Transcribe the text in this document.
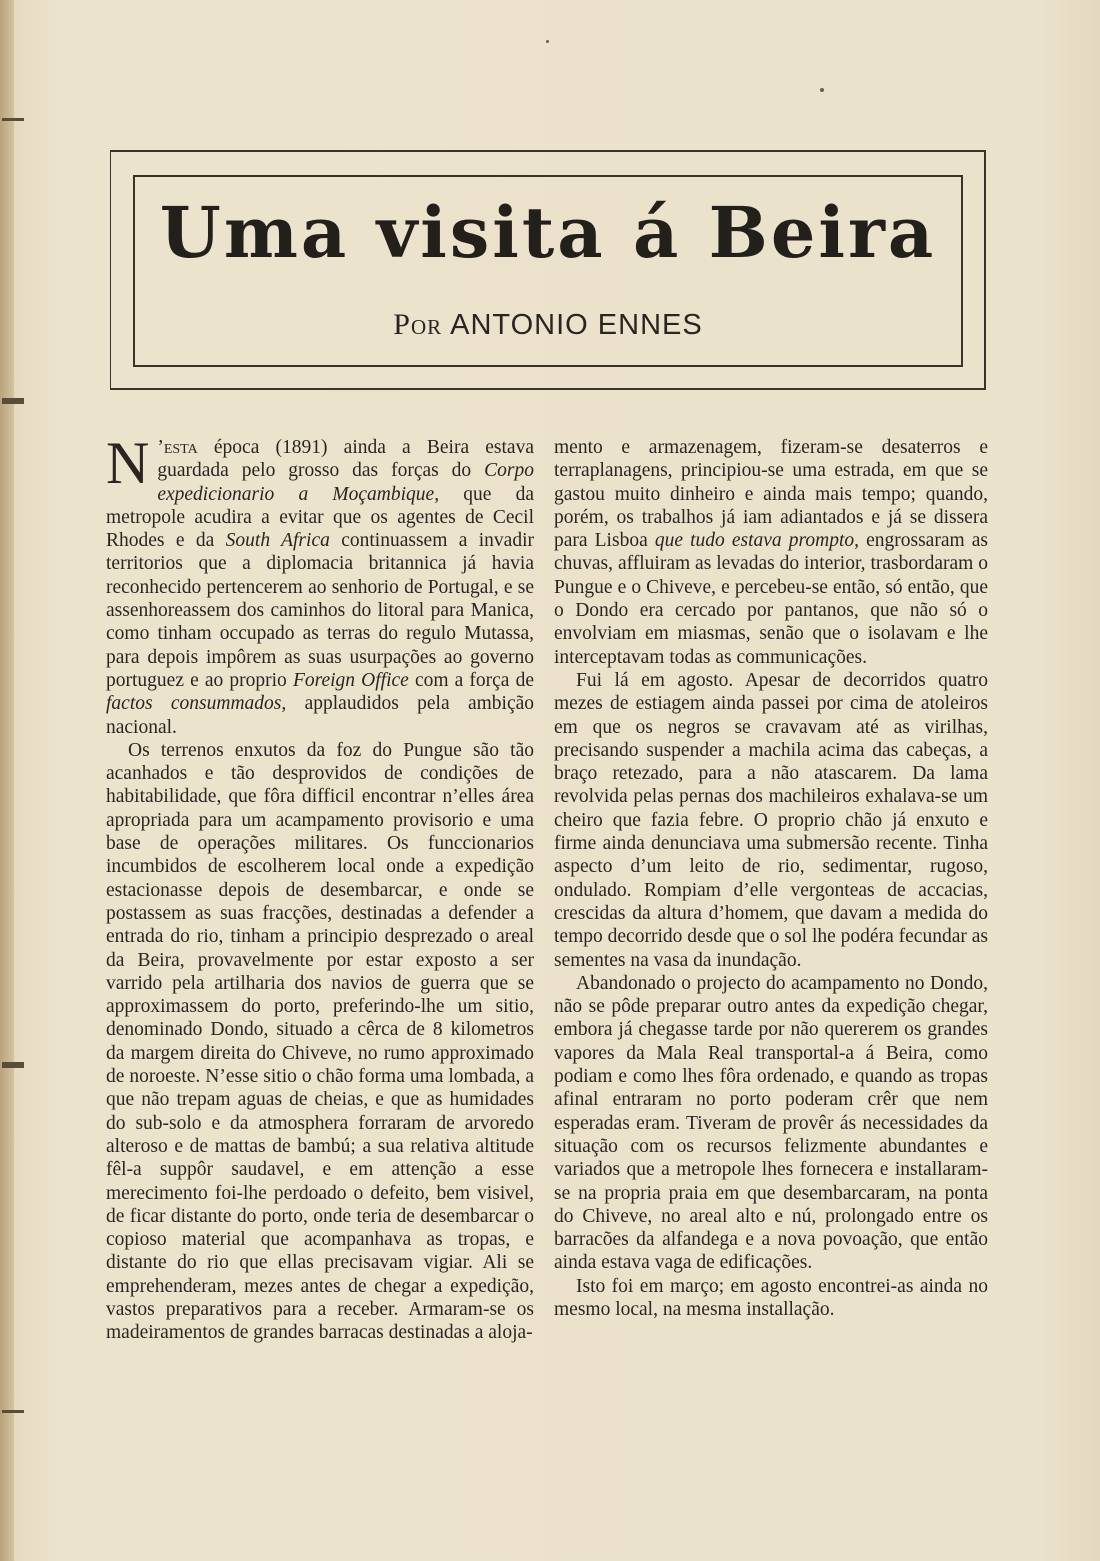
Uma visita á Beira
Por ANTONIO ENNES

N ’esta época (1891) ainda a Beira estava guardada pelo grosso das forças do Corpo expedicionario a Moçambique, que da metropole acudira a evitar que os agentes de Cecil Rhodes e da South Africa continuassem a invadir territorios que a diplomacia britannica já havia reconhecido pertencerem ao senhorio de Portugal, e se assenhoreassem dos caminhos do litoral para Manica, como tinham occupado as terras do regulo Mutassa, para depois impôrem as suas usurpações ao governo portuguez e ao proprio Foreign Office com a força de factos consummados, applaudidos pela ambição nacional.

Os terrenos enxutos da foz do Pungue são tão acanhados e tão desprovidos de condições de habitabilidade, que fôra difficil encontrar n’elles área apropriada para um acampamento provisorio e uma base de operações militares. Os funccionarios incumbidos de escolherem local onde a expedição estacionasse depois de desembarcar, e onde se postassem as suas fracções, destinadas a defender a entrada do rio, tinham a principio desprezado o areal da Beira, provavelmente por estar exposto a ser varrido pela artilharia dos navios de guerra que se approximassem do porto, preferindo-lhe um sitio, denominado Dondo, situado a cêrca de 8 kilometros da margem direita do Chiveve, no rumo approximado de noroeste. N’esse sitio o chão forma uma lombada, a que não trepam aguas de cheias, e que as humidades do sub-solo e da atmosphera forraram de arvoredo alteroso e de mattas de bambú; a sua relativa altitude fêl-a suppôr saudavel, e em attenção a esse merecimento foi-lhe perdoado o defeito, bem visivel, de ficar distante do porto, onde teria de desembarcar o copioso material que acompanhava as tropas, e distante do rio que ellas precisavam vigiar. Ali se emprehenderam, mezes antes de chegar a expedição, vastos preparativos para a receber. Armaram-se os madeiramentos de grandes barracas destinadas a aloja-

mento e armazenagem, fizeram-se desaterros e terraplanagens, principiou-se uma estrada, em que se gastou muito dinheiro e ainda mais tempo; quando, porém, os trabalhos já iam adiantados e já se dissera para Lisboa que tudo estava prompto, engrossaram as chuvas, affluiram as levadas do interior, trasbordaram o Pungue e o Chiveve, e percebeu-se então, só então, que o Dondo era cercado por pantanos, que não só o envolviam em miasmas, senão que o isolavam e lhe interceptavam todas as communicações.

Fui lá em agosto. Apesar de decorridos quatro mezes de estiagem ainda passei por cima de atoleiros em que os negros se cravavam até as virilhas, precisando suspender a machila acima das cabeças, a braço retezado, para a não atascarem. Da lama revolvida pelas pernas dos machileiros exhalava-se um cheiro que fazia febre. O proprio chão já enxuto e firme ainda denunciava uma submersão recente. Tinha aspecto d’um leito de rio, sedimentar, rugoso, ondulado. Rompiam d’elle vergonteas de accacias, crescidas da altura d’homem, que davam a medida do tempo decorrido desde que o sol lhe podéra fecundar as sementes na vasa da inundação.

Abandonado o projecto do acampamento no Dondo, não se pôde preparar outro antes da expedição chegar, embora já chegasse tarde por não quererem os grandes vapores da Mala Real transportal-a á Beira, como podiam e como lhes fôra ordenado, e quando as tropas afinal entraram no porto poderam crêr que nem esperadas eram. Tiveram de provêr ás necessidades da situação com os recursos felizmente abundantes e variados que a metropole lhes fornecera e installaram-se na propria praia em que desembarcaram, na ponta do Chiveve, no areal alto e nú, prolongado entre os barracões da alfandega e a nova povoação, que então ainda estava vaga de edificações.

Isto foi em março; em agosto encontrei-as ainda no mesmo local, na mesma installação.
